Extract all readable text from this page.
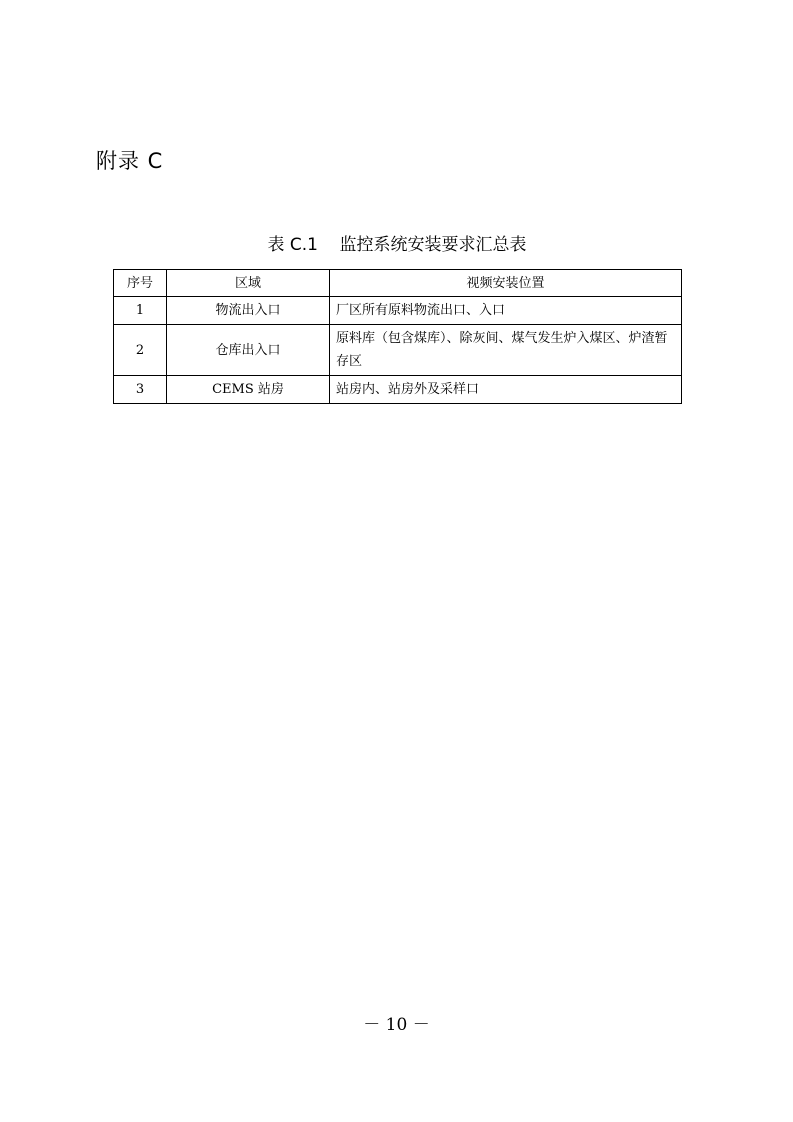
附录 C
表 C.1    监控系统安装要求汇总表
序号	区域	视频安装位置
1	物流出入口	厂区所有原料物流出口、入口
2	仓库出入口	原料库（包含煤库）、除灰间、煤气发生炉入煤区、炉渣暂存区
3	CEMS 站房	站房内、站房外及采样口
－ 10 －
